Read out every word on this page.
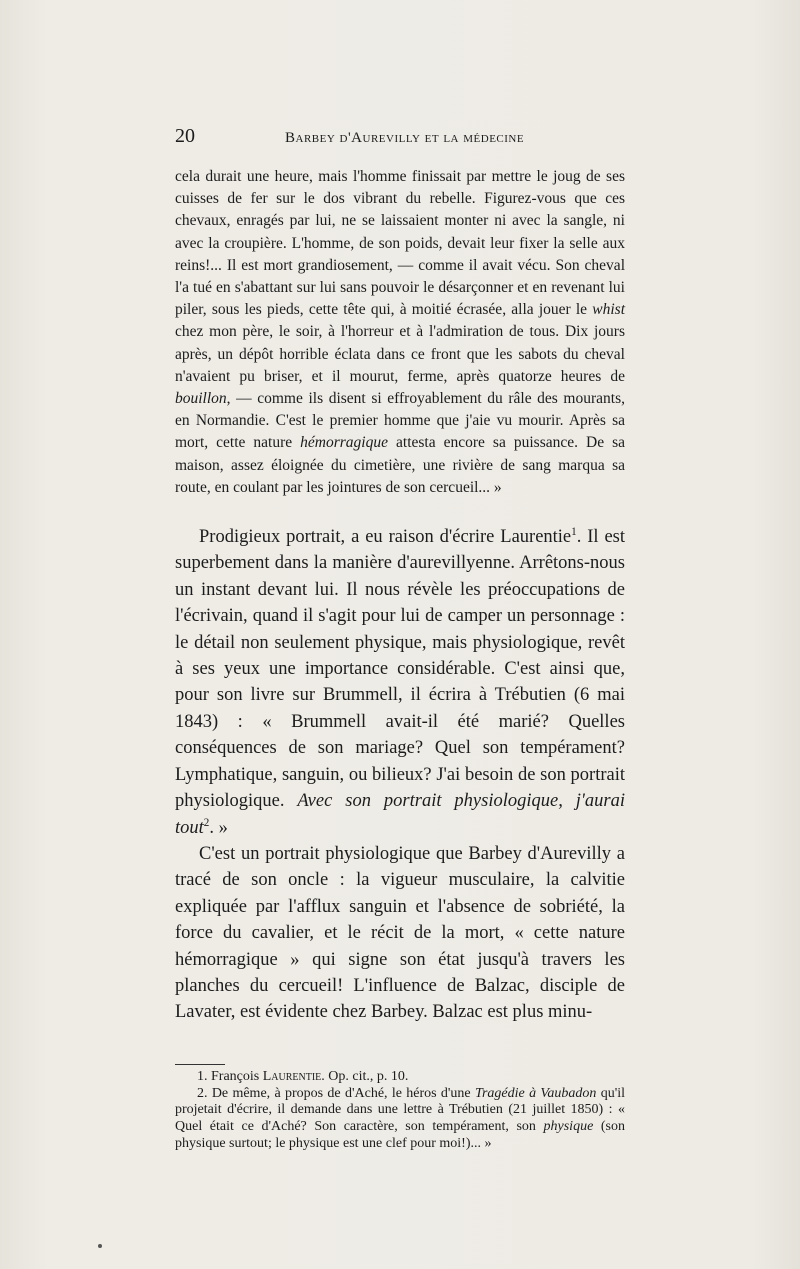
20	Barbey d'Aurevilly et la médecine

cela durait une heure, mais l'homme finissait par mettre le joug de ses cuisses de fer sur le dos vibrant du rebelle. Figurez-vous que ces chevaux, enragés par lui, ne se laissaient monter ni avec la sangle, ni avec la croupière. L'homme, de son poids, devait leur fixer la selle aux reins!... Il est mort grandiosement, — comme il avait vécu. Son cheval l'a tué en s'abattant sur lui sans pouvoir le désarçonner et en revenant lui piler, sous les pieds, cette tête qui, à moitié écrasée, alla jouer le whist chez mon père, le soir, à l'horreur et à l'admiration de tous. Dix jours après, un dépôt horrible éclata dans ce front que les sabots du cheval n'avaient pu briser, et il mourut, ferme, après quatorze heures de bouillon, — comme ils disent si effroyablement du râle des mourants, en Normandie. C'est le premier homme que j'aie vu mourir. Après sa mort, cette nature hémorragique attesta encore sa puissance. De sa maison, assez éloignée du cimetière, une rivière de sang marqua sa route, en coulant par les jointures de son cercueil... »

Prodigieux portrait, a eu raison d'écrire Laurentie$^1$. Il est superbement dans la manière d'aurevillyenne. Arrêtons-nous un instant devant lui. Il nous révèle les préoccupations de l'écrivain, quand il s'agit pour lui de camper un personnage : le détail non seulement physique, mais physiologique, revêt à ses yeux une importance considérable. C'est ainsi que, pour son livre sur Brummell, il écrira à Trébutien (6 mai 1843) : « Brummell avait-il été marié? Quelles conséquences de son mariage? Quel son tempérament? Lymphatique, sanguin, ou bilieux? J'ai besoin de son portrait physiologique. Avec son portrait physiologique, j'aurai tout$^2$. »

C'est un portrait physiologique que Barbey d'Aurevilly a tracé de son oncle : la vigueur musculaire, la calvitie expliquée par l'afflux sanguin et l'absence de sobriété, la force du cavalier, et le récit de la mort, « cette nature hémorragique » qui signe son état jusqu'à travers les planches du cercueil! L'influence de Balzac, disciple de Lavater, est évidente chez Barbey. Balzac est plus minu-

1. François Laurentie. Op. cit., p. 10.

2. De même, à propos de d'Aché, le héros d'une Tragédie à Vaubadon qu'il projetait d'écrire, il demande dans une lettre à Trébutien (21 juillet 1850) : « Quel était ce d'Aché? Son caractère, son tempérament, son physique (son physique surtout; le physique est une clef pour moi!)... »
